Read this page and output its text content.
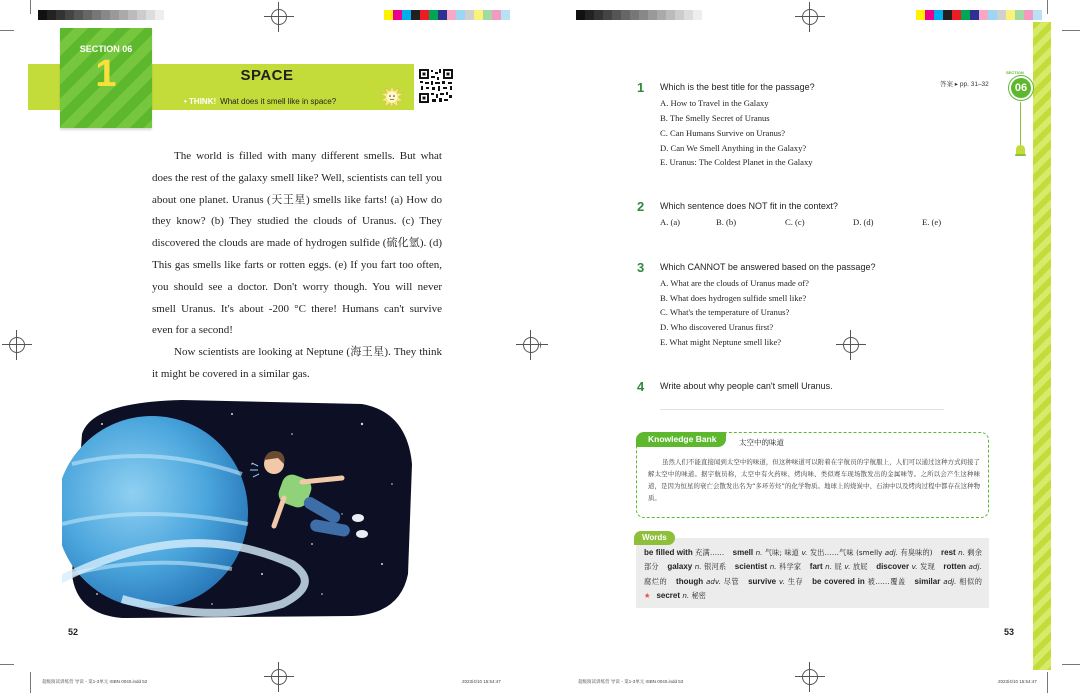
SECTION 06
1	SPACE
• THINK! What does it smell like in space?

The world is filled with many different smells. But what does the rest of the galaxy smell like? Well, scientists can tell you about one planet. Uranus (天王星) smells like farts! (a) How do they know? (b) They studied the clouds of Uranus. (c) They discovered the clouds are made of hydrogen sulfide (硫化氫). (d) This gas smells like farts or rotten eggs. (e) If you fart too often, you should see a doctor. Don't worry though. You will never smell Uranus. It's about -200 °C there! Humans can't survive even for a second!

Now scientists are looking at Neptune (海王星). They think it might be covered in a similar gas.

52
超级阅读训练营 导读・第1-3单元 ISBN 0040.indd 52	2023/4/10 15:54:47
SECTION
06
答案 ▸ pp. 31–32
1 Which is the best title for the passage?
A. How to Travel in the Galaxy
B. The Smelly Secret of Uranus
C. Can Humans Survive on Uranus?
D. Can We Smell Anything in the Galaxy?
E. Uranus: The Coldest Planet in the Galaxy
2 Which sentence does NOT fit in the context?
A. (a)	B. (b)	C. (c)	D. (d)	E. (e)
3 Which CANNOT be answered based on the passage?
A. What are the clouds of Uranus made of?
B. What does hydrogen sulfide smell like?
C. What's the temperature of Uranus?
D. Who discovered Uranus first?
E. What might Neptune smell like?
4 Write about why people can't smell Uranus.
Knowledge Bank	太空中的味道
虽然人们不能直接闻到太空中的味道，但这种味道可以附着在宇航员的宇航服上，人们可以通过这种方式间接了解太空中的味道。据宇航员称，太空中有火药味、烤肉味、类似赛车现场散发出的金属味等。之所以会产生这种味道，是因为恒星的衰亡会散发出名为“多环芳烃”的化学物质。地球上的烧炭中、石油中以及烤肉过程中都存在这种物质。
Words
be filled with 充满…… smell n. 气味; 味道 v. 发出……气味 (smelly adj. 有臭味的) rest n. 剩余部分 galaxy n. 银河系 scientist n. 科学家 fart n. 屁 v. 放屁 discover v. 发现 rotten adj. 腐烂的 though adv. 尽管 survive v. 生存 be covered in 被……覆盖 similar adj. 相似的 ★ secret n. 秘密
53
超级阅读训练营 导读・第1-3单元 ISBN 0040.indd 53	2023/4/10 15:54:47
